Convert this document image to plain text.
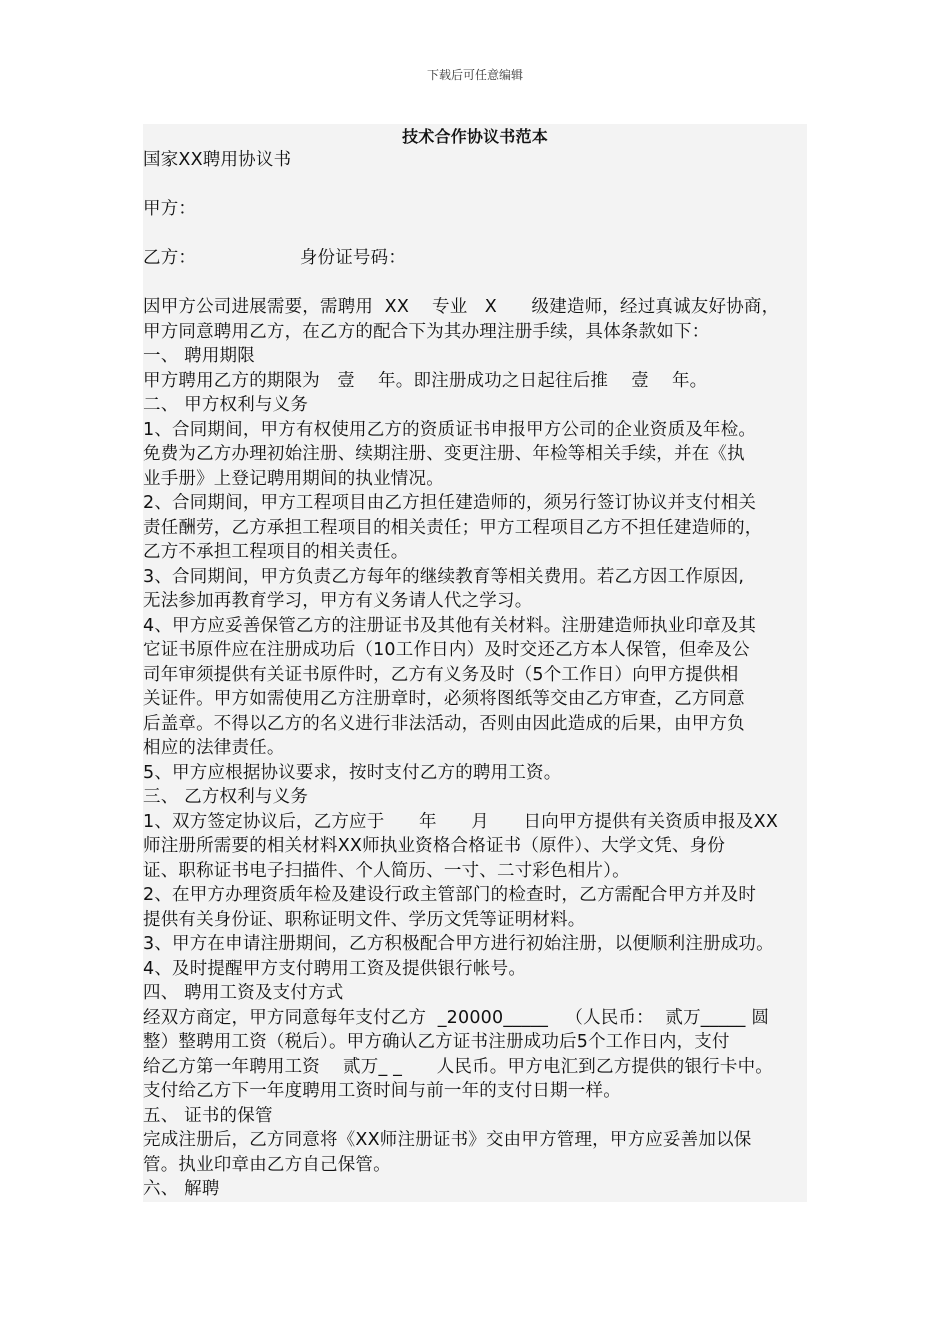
下载后可任意编辑
技术合作协议书范本
国家XX聘用协议书
甲方：
乙方：                  身份证号码：
因甲方公司进展需要，需聘用  XX    专业   X      级建造师，经过真诚友好协商，
甲方同意聘用乙方，在乙方的配合下为其办理注册手续，具体条款如下：
一、 聘用期限
甲方聘用乙方的期限为   壹    年。即注册成功之日起往后推    壹    年。
二、 甲方权利与义务
1、合同期间，甲方有权使用乙方的资质证书申报甲方公司的企业资质及年检。
免费为乙方办理初始注册、续期注册、变更注册、年检等相关手续，并在《执
业手册》上登记聘用期间的执业情况。
2、合同期间，甲方工程项目由乙方担任建造师的，须另行签订协议并支付相关
责任酬劳，乙方承担工程项目的相关责任；甲方工程项目乙方不担任建造师的，
乙方不承担工程项目的相关责任。
3、合同期间，甲方负责乙方每年的继续教育等相关费用。若乙方因工作原因,
无法参加再教育学习，甲方有义务请人代之学习。
4、甲方应妥善保管乙方的注册证书及其他有关材料。注册建造师执业印章及其
它证书原件应在注册成功后（10工作日内）及时交还乙方本人保管，但牵及公
司年审须提供有关证书原件时，乙方有义务及时（5个工作日）向甲方提供相
关证件。甲方如需使用乙方注册章时，必须将图纸等交由乙方审查，乙方同意
后盖章。不得以乙方的名义进行非法活动，否则由因此造成的后果，由甲方负
相应的法律责任。
5、甲方应根据协议要求，按时支付乙方的聘用工资。
三、 乙方权利与义务
1、双方签定协议后，乙方应于      年      月      日向甲方提供有关资质申报及XX
师注册所需要的相关材料XX师执业资格合格证书（原件）、大学文凭、身份
证、职称证书电子扫描件、个人简历、一寸、二寸彩色相片）。
2、在甲方办理资质年检及建设行政主管部门的检查时，乙方需配合甲方并及时
提供有关身份证、职称证明文件、学历文凭等证明材料。
3、甲方在申请注册期间，乙方积极配合甲方进行初始注册，以便顺利注册成功。
4、及时提醒甲方支付聘用工资及提供银行帐号。
四、 聘用工资及支付方式
经双方商定，甲方同意每年支付乙方  _20000_____   （人民币：  贰万_____ 圆
整）整聘用工资（税后）。甲方确认乙方证书注册成功后5个工作日内，支付
给乙方第一年聘用工资    贰万_ _      人民币。甲方电汇到乙方提供的银行卡中。
支付给乙方下一年度聘用工资时间与前一年的支付日期一样。
五、 证书的保管
完成注册后，乙方同意将《XX师注册证书》交由甲方管理，甲方应妥善加以保
管。执业印章由乙方自己保管。
六、 解聘
